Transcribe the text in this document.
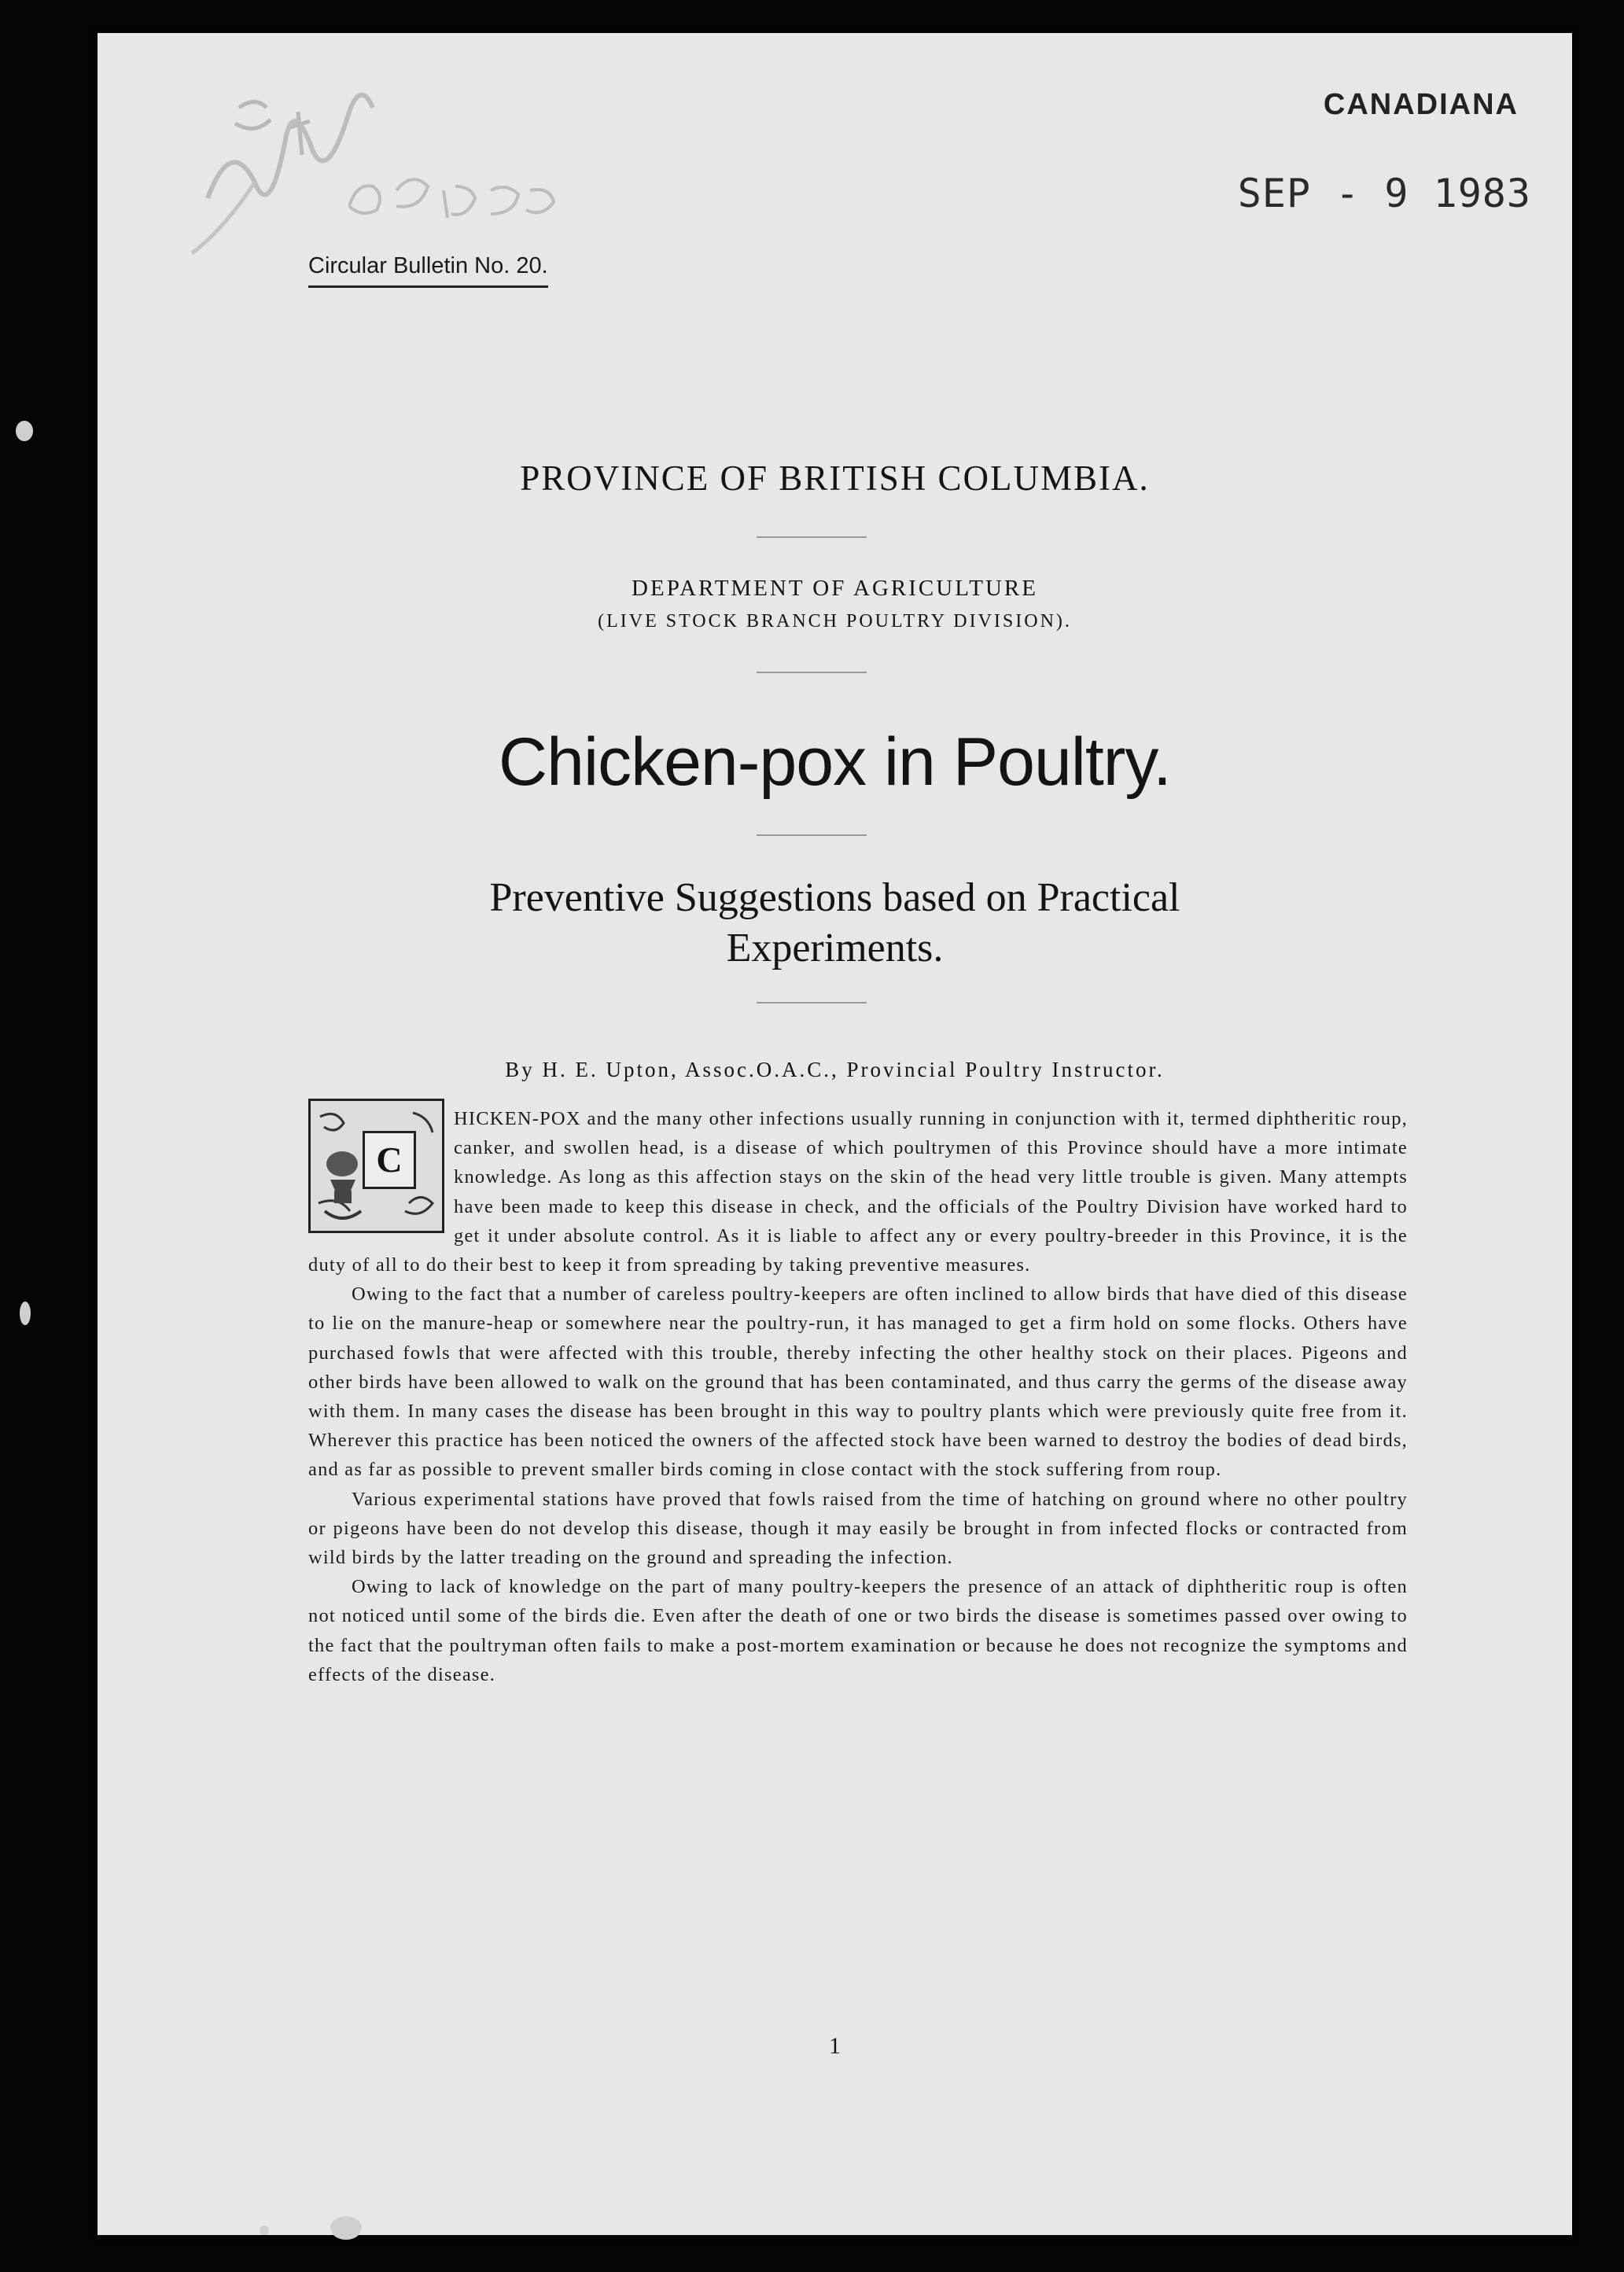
CANADIANA
SEP - 9 1983
Circular Bulletin No. 20.
PROVINCE OF BRITISH COLUMBIA.
DEPARTMENT OF AGRICULTURE
(LIVE STOCK BRANCH POULTRY DIVISION).
Chicken-pox in Poultry.
Preventive Suggestions based on Practical
Experiments.
By H. E. Upton, Assoc.O.A.C., Provincial Poultry Instructor.
C

HICKEN-POX and the many other infections usually running in conjunction with it, termed diphtheritic roup, canker, and swollen head, is a disease of which poultrymen of this Province should have a more intimate knowledge. As long as this affection stays on the skin of the head very little trouble is given. Many attempts have been made to keep this disease in check, and the officials of the Poultry Division have worked hard to get it under absolute control. As it is liable to affect any or every poultry-breeder in this Province, it is the duty of all to do their best to keep it from spreading by taking preventive measures.

Owing to the fact that a number of careless poultry-keepers are often inclined to allow birds that have died of this disease to lie on the manure-heap or somewhere near the poultry-run, it has managed to get a firm hold on some flocks. Others have purchased fowls that were affected with this trouble, thereby infecting the other healthy stock on their places. Pigeons and other birds have been allowed to walk on the ground that has been contaminated, and thus carry the germs of the disease away with them. In many cases the disease has been brought in this way to poultry plants which were previously quite free from it. Wherever this practice has been noticed the owners of the affected stock have been warned to destroy the bodies of dead birds, and as far as possible to prevent smaller birds coming in close contact with the stock suffering from roup.

Various experimental stations have proved that fowls raised from the time of hatching on ground where no other poultry or pigeons have been do not develop this disease, though it may easily be brought in from infected flocks or contracted from wild birds by the latter treading on the ground and spreading the infection.

Owing to lack of knowledge on the part of many poultry-keepers the presence of an attack of diphtheritic roup is often not noticed until some of the birds die. Even after the death of one or two birds the disease is sometimes passed over owing to the fact that the poultryman often fails to make a post-mortem examination or because he does not recognize the symptoms and effects of the disease.

1
